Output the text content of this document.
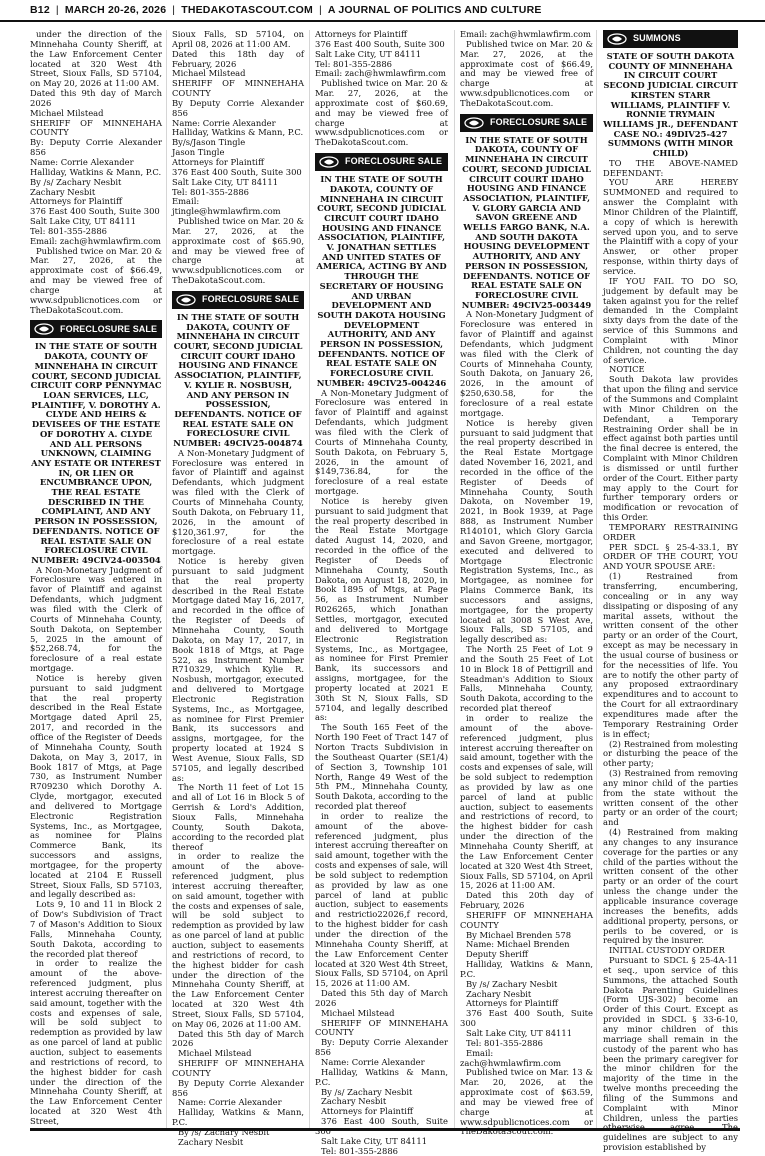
B12 | MARCH 20-26, 2026 | THEDAKOTASCOUT.COM | A JOURNAL OF POLITICS AND CULTURE

under the direction of the Minnehaha County Sheriff, at the Law Enforcement Center located at 320 West 4th Street, Sioux Falls, SD 57104, on May 20, 2026 at 11:00 AM.

Dated this 9th day of March 2026

Michael Milstead

SHERIFF OF MINNEHAHA COUNTY

By: Deputy Corrie Alexander 856

Name: Corrie Alexander

Halliday, Watkins & Mann, P.C.

By /s/ Zachary Nesbit

Zachary Nesbit

Attorneys for Plaintiff

376 East 400 South, Suite 300

Salt Lake City, UT 84111

Tel: 801-355-2886

Email: zach@hwmlawfirm.com

Published twice on Mar. 20 & Mar. 27, 2026, at the approximate cost of $66.49, and may be viewed free of charge at www.sdpublicnotices.com or TheDakotaScout.com.

FORECLOSURE SALE

IN THE STATE OF SOUTH DAKOTA, COUNTY OF MINNEHAHA IN CIRCUIT COURT, SECOND JUDICIAL CIRCUIT CORP PENNYMAC LOAN SERVICES, LLC, PLAINTIFF, V. DOROTHY A. CLYDE AND HEIRS & DEVISEES OF THE ESTATE OF DOROTHY A. CLYDE AND ALL PERSONS UNKNOWN, CLAIMING ANY ESTATE OR INTEREST IN, OR LIEN OR ENCUMBRANCE UPON, THE REAL ESTATE DESCRIBED IN THE COMPLAINT, AND ANY PERSON IN POSSESSION, DEFENDANTS. NOTICE OF REAL ESTATE SALE ON FORECLOSURE CIVIL NUMBER: 49CIV24-003504

A Non-Monetary Judgment of Foreclosure was entered in favor of Plaintiff and against Defendants, which judgment was filed with the Clerk of Courts of Minnehaha County, South Dakota, on September 5, 2025 in the amount of $52,268.74, for the foreclosure of a real estate mortgage.

Notice is hereby given pursuant to said judgment that the real property described in the Real Estate Mortgage dated April 25, 2017, and recorded in the office of the Register of Deeds of Minnehaha County, South Dakota, on May 3, 2017, in Book 1817 of Mtgs, at Page 730, as Instrument Number R709230 which Dorothy A. Clyde, mortgagor, executed and delivered to Mortgage Electronic Registration Systems, Inc., as Mortgagee, as nominee for Plains Commerce Bank, its successors and assigns, mortgagee, for the property located at 2104 E Russell Street, Sioux Falls, SD 57103, and legally described as:

Lots 9, 10 and 11 in Block 2 of Dow's Subdivision of Tract 7 of Mason's Addition to Sioux Falls, Minnehaha County, South Dakota, according to the recorded plat thereof

in order to realize the amount of the above-referenced judgment, plus interest accruing thereafter on said amount, together with the costs and expenses of sale, will be sold subject to redemption as provided by law as one parcel of land at public auction, subject to easements and restrictions of record, to the highest bidder for cash under the direction of the Minnehaha County Sheriff, at the Law Enforcement Center located at 320 West 4th Street,

Sioux Falls, SD 57104, on April 08, 2026 at 11:00 AM.

Dated this 18th day of February, 2026

Michael Milstead

SHERIFF OF MINNEHAHA COUNTY

By Deputy Corrie Alexander 856

Name: Corrie Alexander

Halliday, Watkins & Mann, P.C.

By/s/Jason Tingle

Jason Tingle

Attorneys for Plaintiff

376 East 400 South, Suite 300

Salt Lake City, UT 84111

Tel: 801-355-2886

Email: jtingle@hwmlawfirm.com

Published twice on Mar. 20 & Mar. 27, 2026, at the approximate cost of $65.90, and may be viewed free of charge at www.sdpublicnotices.com or TheDakotaScout.com.

FORECLOSURE SALE

IN THE STATE OF SOUTH DAKOTA, COUNTY OF MINNEHAHA IN CIRCUIT COURT, SECOND JUDICIAL CIRCUIT COURT IDAHO HOUSING AND FINANCE ASSOCIATION, PLAINTIFF, V. KYLIE R. NOSBUSH, AND ANY PERSON IN POSSESSION, DEFENDANTS. NOTICE OF REAL ESTATE SALE ON FORECLOSURE CIVIL NUMBER: 49CIV25-004874

A Non-Monetary Judgment of Foreclosure was entered in favor of Plaintiff and against Defendants, which judgment was filed with the Clerk of Courts of Minnehaha County, South Dakota, on February 11, 2026, in the amount of $120,361.97, for the foreclosure of a real estate mortgage.

Notice is hereby given pursuant to said judgment that the real property described in the Real Estate Mortgage dated May 16, 2017, and recorded in the office of the Register of Deeds of Minnehaha County, South Dakota, on May 17, 2017, in Book 1818 of Mtgs, at Page 522, as Instrument Number R710329, which Kylie R. Nosbush, mortgagor, executed and delivered to Mortgage Electronic Registration Systems, Inc., as Mortgagee, as nominee for First Premier Bank, its successors and assigns, mortgagee, for the property located at 1924 S West Avenue, Sioux Falls, SD 57105, and legally described as:

The North 11 feet of Lot 15 and all of Lot 16 in Block 5 of Gerrish & Lord's Addition, Sioux Falls, Minnehaha County, South Dakota, according to the recorded plat thereof

in order to realize the amount of the above-referenced judgment, plus interest accruing thereafter, on said amount, together with the costs and expenses of sale, will be sold subject to redemption as provided by law as one parcel of land at public auction, subject to easements and restrictions of record, to the highest bidder for cash under the direction of the Minnehaha County Sheriff, at the Law Enforcement Center located at 320 West 4th Street, Sioux Falls, SD 57104, on May 06, 2026 at 11:00 AM.

Dated this 5th day of March 2026

Michael Milstead

SHERIFF OF MINNEHAHA COUNTY

By Deputy Corrie Alexander 856

Name: Corrie Alexander

Halliday, Watkins & Mann, P.C.

By /s/ Zachary Nesbit

Zachary Nesbit

Attorneys for Plaintiff

376 East 400 South, Suite 300

Salt Lake City, UT 84111

Tel: 801-355-2886

Email: zach@hwmlawfirm.com

Published twice on Mar. 20 & Mar. 27, 2026, at the approximate cost of $60.69, and may be viewed free of charge at www.sdpublicnotices.com or TheDakotaScout.com.

FORECLOSURE SALE

IN THE STATE OF SOUTH DAKOTA, COUNTY OF MINNEHAHA IN CIRCUIT COURT, SECOND JUDICIAL CIRCUIT COURT IDAHO HOUSING AND FINANCE ASSOCIATION, PLAINTIFF, V. JONATHAN SETTLES AND UNITED STATES OF AMERICA, ACTING BY AND THROUGH THE SECRETARY OF HOUSING AND URBAN DEVELOPMENT AND SOUTH DAKOTA HOUSING DEVELOPMENT AUTHORITY, AND ANY PERSON IN POSSESSION, DEFENDANTS. NOTICE OF REAL ESTATE SALE ON FORECLOSURE CIVIL NUMBER: 49CIV25-004246

A Non-Monetary Judgment of Foreclosure was entered in favor of Plaintiff and against Defendants, which judgment was filed with the Clerk of Courts of Minnehaha County, South Dakota, on February 5, 2026, in the amount of $149,736.84, for the foreclosure of a real estate mortgage.

Notice is hereby given pursuant to said judgment that the real property described in the Real Estate Mortgage dated August 14, 2020, and recorded in the office of the Register of Deeds of Minnehaha County, South Dakota, on August 18, 2020, in Book 1895 of Mtgs, at Page 56, as Instrument Number R026265, which Jonathan Settles, mortgagor, executed and delivered to Mortgage Electronic Registration Systems, Inc., as Mortgagee, as nominee for First Premier Bank, its successors and assigns, mortgagee, for the property located at 2021 E 30th St N, Sioux Falls, SD 57104, and legally described as:

The South 165 Feet of the North 190 Feet of Tract 147 of Norton Tracts Subdivision in the Southeast Quarter (SE1/4) of Section 3, Township 101 North, Range 49 West of the 5th PM., Minnehaha County, South Dakota, according to the recorded plat thereof

in order to realize the amount of the above-referenced judgment, plus interest accruing thereafter on said amount, together with the costs and expenses of sale, will be sold subject to redemption as provided by law as one parcel of land at public auction, subject to easements and restrictio22026,f record, to the highest bidder for cash under the direction of the Minnehaha County Sheriff, at the Law Enforcement Center located at 320 West 4th Street, Sioux Falls, SD 57104, on April 15, 2026 at 11:00 AM.

Dated this 5th day of March 2026

Michael Milstead

SHERIFF OF MINNEHAHA COUNTY

By: Deputy Corrie Alexander 856

Name: Corrie Alexander

Halliday, Watkins & Mann, P.C.

By /s/ Zachary Nesbit

Zachary Nesbit

Attorneys for Plaintiff

376 East 400 South, Suite 300

Salt Lake City, UT 84111

Tel: 801-355-2886

Email: zach@hwmlawfirm.com

Published twice on Mar. 20 & Mar. 27, 2026, at the approximate cost of $66.49, and may be viewed free of charge at www.sdpublicnotices.com or TheDakotaScout.com.

FORECLOSURE SALE

IN THE STATE OF SOUTH DAKOTA, COUNTY OF MINNEHAHA IN CIRCUIT COURT, SECOND JUDICIAL CIRCUIT COURT IDAHO HOUSING AND FINANCE ASSOCIATION, PLAINTIFF, V. GLORY GARCIA AND SAVON GREENE AND WELLS FARGO BANK, N.A. AND SOUTH DAKOTA HOUSING DEVELOPMENT AUTHORITY, AND ANY PERSON IN POSSESSION, DEFENDANTS. NOTICE OF REAL ESTATE SALE ON FORECLOSURE CIVIL NUMBER: 49CIV25-003449

A Non-Monetary Judgment of Foreclosure was entered in favor of Plaintiff and against Defendants, which judgment was filed with the Clerk of Courts of Minnehaha County, South Dakota, on January 26, 2026, in the amount of $250,630.58, for the foreclosure of a real estate mortgage.

Notice is hereby given pursuant to said judgment that the real property described in the Real Estate Mortgage dated November 16, 2021, and recorded in the office of the Register of Deeds of Minnehaha County, South Dakota, on November 19, 2021, in Book 1939, at Page 888, as Instrument Number R140101, which Glory Garcia and Savon Greene, mortgagor, executed and delivered to Mortgage Electronic Registration Systems, Inc., as Mortgagee, as nominee for Plains Commerce Bank, its successors and assigns, mortgagee, for the property located at 3008 S West Ave, Sioux Falls, SD 57105, and legally described as:

The North 25 Feet of Lot 9 and the South 25 Feet of Lot 10 in Block 18 of Pettigrill and Steadman's Addition to Sioux Falls, Minnehaha County, South Dakota, according to the recorded plat thereof

in order to realize the amount of the above-referenced judgment, plus interest accruing thereafter on said amount, together with the costs and expenses of sale, will be sold subject to redemption as provided by law as one parcel of land at public auction, subject to easements and restrictions of record, to the highest bidder for cash under the direction of the Minnehaha County Sheriff, at the Law Enforcement Center located at 320 West 4th Street, Sioux Falls, SD 57104, on April 15, 2026 at 11:00 AM.

Dated this 20th day of February, 2026

SHERIFF OF MINNEHAHA COUNTY

By Michael Brenden 578

Name: Michael Brenden

Deputy Sheriff

Halliday, Watkins & Mann, P.C.

By /s/ Zachary Nesbit

Zachary Nesbit

Attorneys for Plaintiff

376 East 400 South, Suite 300

Salt Lake City, UT 84111

Tel: 801-355-2886

Email: zach@hwmlawfirm.com

Published twice on Mar. 13 & Mar. 20, 2026, at the approximate cost of $63.59, and may be viewed free of charge at www.sdpublicnotices.com or TheDakotaScout.com.

SUMMONS

STATE OF SOUTH DAKOTA COUNTY OF MINNEHAHA IN CIRCUIT COURT SECOND JUDICIAL CIRCUIT KIRSTEN STARR WILLIAMS, PLAINTIFF V. RONNIE TRYMAIN WILLIAMS JR., DEFENDANT CASE NO.: 49DIV25-427 SUMMONS (WITH MINOR CHILD)

TO THE ABOVE-NAMED DEFENDANT:

YOU ARE HEREBY SUMMONED and required to answer the Complaint with Minor Children of the Plaintiff, a copy of which is herewith served upon you, and to serve the Plaintiff with a copy of your Answer, or other proper response, within thirty days of service.

IF YOU FAIL TO DO SO, judgement by default may be taken against you for the relief demanded in the Complaint sixty days from the date of the service of this Summons and Complaint with Minor Children, not counting the day of service.

NOTICE

South Dakota law provides that upon the filing and service of the Summons and Complaint with Minor Children on the Defendant, a Temporary Restraining Order shall be in effect against both parties until the final decree is entered, the Complaint with Minor Children is dismissed or until further order of the Court. Either party may apply to the Court for further temporary orders or modification or revocation of this Order.

TEMPORARY RESTRAINING ORDER

PER SDCL § 25-4-33.1, BY ORDER OF THE COURT, YOU AND YOUR SPOUSE ARE:

(1) Restrained from transferring, encumbering, concealing or in any way dissipating or disposing of any marital assets, without the written consent of the other party or an order of the Court, except as may be necessary in the usual course of business or for the necessities of life. You are to notify the other party of any proposed extraordinary expenditures and to account to the Court for all extraordinary expenditures made after the Temporary Restraining Order is in effect;

(2) Restrained from molesting or disturbing the peace of the other party;

(3) Restrained from removing any minor child of the parties from the state without the written consent of the other party or an order of the court; and

(4) Restrained from making any changes to any insurance coverage for the parties or any child of the parties without the written consent of the other party or an order of the court unless the change under the applicable insurance coverage increases the benefits, adds additional property, persons, or perils to be covered, or is required by the insurer.

INITIAL CUSTODY ORDER

Pursuant to SDCL § 25-4A-11 et seq., upon service of this Summons, the attached South Dakota Parenting Guidelines (Form UJS-302) become an Order of this Court. Except as provided in SDCL § 33-6-10, any minor children of this marriage shall remain in the custody of the parent who has been the primary caregiver for the minor children for the majority of the time in the twelve months preceeding the filing of the Summons and Complaint with Minor Children, unless the parties otherwise agree. The guidelines are subject to any provision established by
